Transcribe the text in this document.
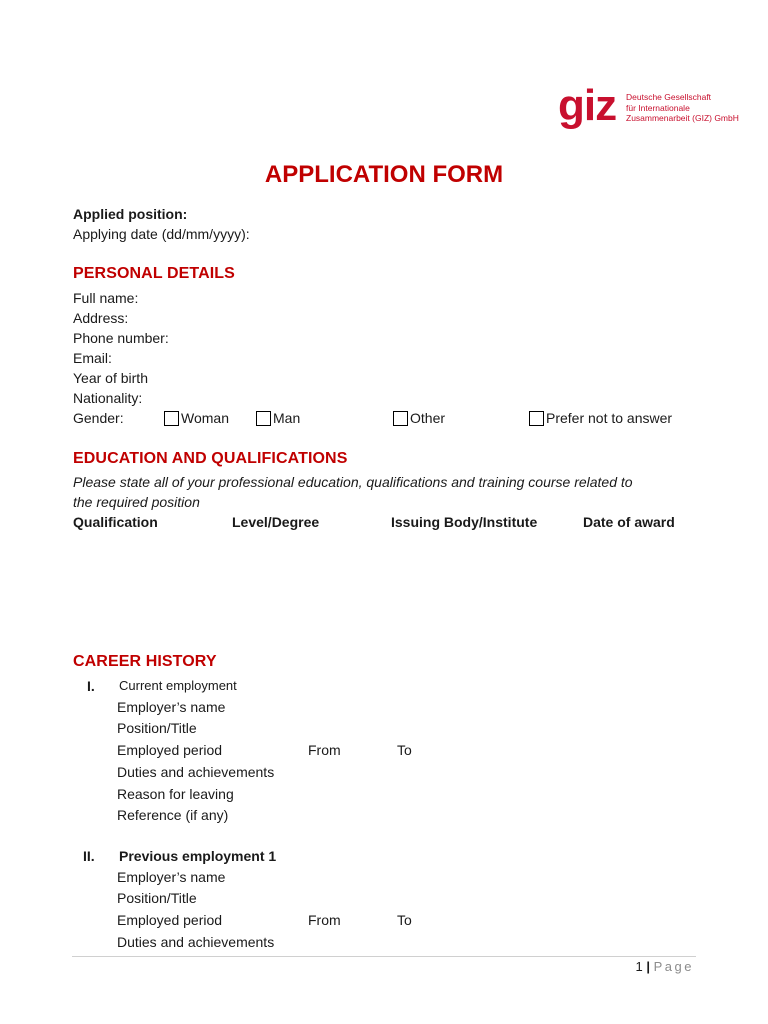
giz Deutsche Gesellschaft
für Internationale
Zusammenarbeit (GIZ) GmbH
APPLICATION FORM
Applied position:
Applying date (dd/mm/yyyy):
PERSONAL DETAILS
Full name:
Address:
Phone number:
Email:
Year of birth
Nationality:
Gender:	Woman	Man	Other	Prefer not to answer
EDUCATION AND QUALIFICATIONS
Please state all of your professional education, qualifications and training course related to
the required position
Qualification	Level/Degree	Issuing Body/Institute	Date of award
CAREER HISTORY
I. Current employment
Employer’s name
Position/Title
Employed period	From	To
Duties and achievements
Reason for leaving
Reference (if any)
II. Previous employment 1
Employer’s name
Position/Title
Employed period	From	To
Duties and achievements
1 | Page
